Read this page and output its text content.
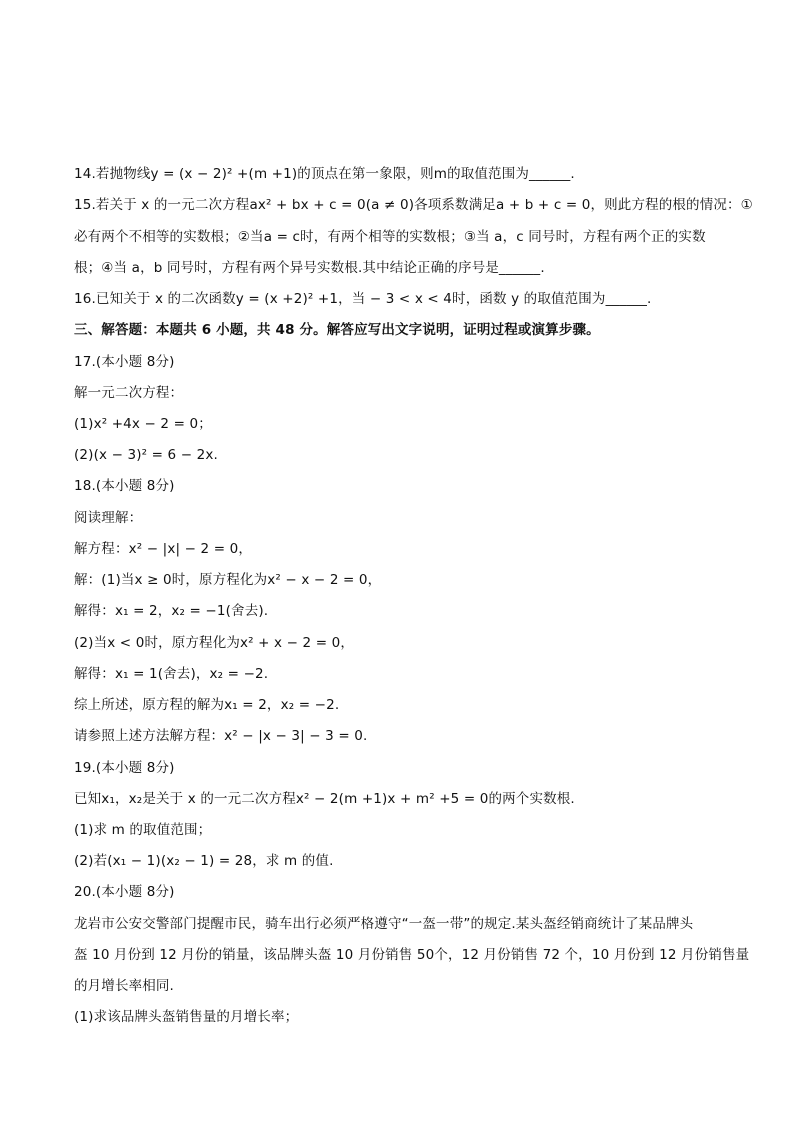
14.若抛物线y = (x − 2)² +(m +1)的顶点在第一象限，则m的取值范围为______.
15.若关于 x 的一元二次方程ax² + bx + c = 0(a ≠ 0)各项系数满足a + b + c = 0，则此方程的根的情况：①
必有两个不相等的实数根；②当a = c时，有两个相等的实数根；③当 a，c 同号时，方程有两个正的实数
根；④当 a，b 同号时，方程有两个异号实数根.其中结论正确的序号是______.
16.已知关于 x 的二次函数y = (x +2)² +1，当 − 3 < x < 4时，函数 y 的取值范围为______.
三、解答题：本题共 6 小题，共 48 分。解答应写出文字说明，证明过程或演算步骤。
17.(本小题 8分)
解一元二次方程：
(1)x² +4x − 2 = 0；
(2)(x − 3)² = 6 − 2x.
18.(本小题 8分)
阅读理解：
解方程：x² − |x| − 2 = 0，
解：(1)当x ≥ 0时，原方程化为x² − x − 2 = 0，
解得：x₁ = 2，x₂ = −1(舍去).
(2)当x < 0时，原方程化为x² + x − 2 = 0，
解得：x₁ = 1(舍去)，x₂ = −2.
综上所述，原方程的解为x₁ = 2，x₂ = −2.
请参照上述方法解方程：x² − |x − 3| − 3 = 0.
19.(本小题 8分)
已知x₁，x₂是关于 x 的一元二次方程x² − 2(m +1)x + m² +5 = 0的两个实数根.
(1)求 m 的取值范围；
(2)若(x₁ − 1)(x₂ − 1) = 28，求 m 的值.
20.(本小题 8分)
龙岩市公安交警部门提醒市民，骑车出行必须严格遵守“一盔一带”的规定.某头盔经销商统计了某品牌头
盔 10 月份到 12 月份的销量，该品牌头盔 10 月份销售 50个，12 月份销售 72 个，10 月份到 12 月份销售量
的月增长率相同.
(1)求该品牌头盔销售量的月增长率；
